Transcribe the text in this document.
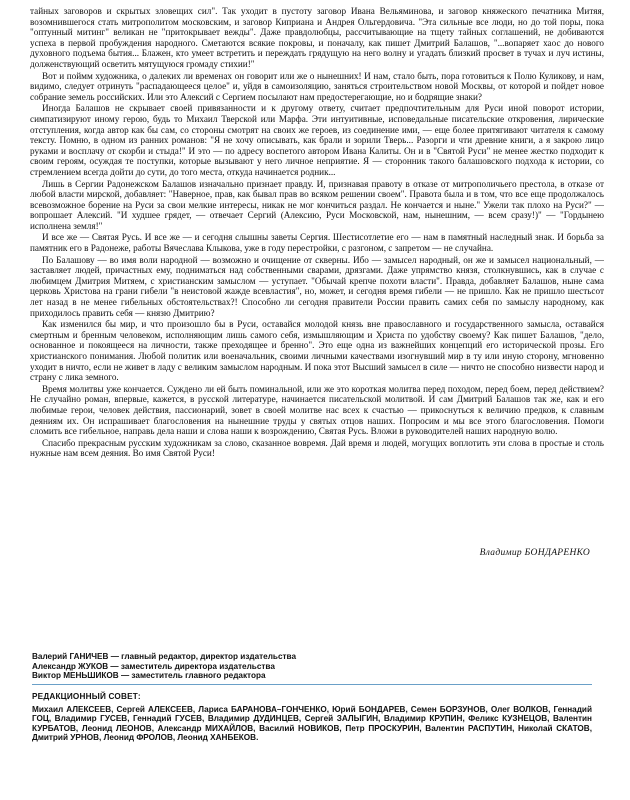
тайных заговоров и скрытых зловещих сил". Так уходит в пустоту заговор Ивана Вельяминова, и заговор княжеского печатника Митяя, возомнившегося стать митрополитом московским, и заговор Киприана и Андрея Ольгердовича. "Эта сильные все люди, но до той поры, пока "оптунный митинг" великан не "притокрывает вежды". Даже правдолюбцы, рассчитывающие на тщету тайных соглашений, не добиваются успеха в первой пробуждения народного. Сметаются всякие покровы, и поначалу, как пишет Дмитрий Балашов, "...вопаряет хаос до нового духовного подъема бытия... Блажен, кто умеет встретить и переждать грядущую на него волну и угадать близкий просвет в тучах и луч истины, долженствующий осветить мятущуюся громаду стихии!"

Вот и поймм художника, о далеких ли временах он говорит или же о нынешних! И нам, стало быть, пора готовиться к Полю Куликову, и нам, видимо, следует отринуть "распадающееся целое" и, уйдя в самоизоляцию, заняться строительством новой Москвы, от которой и пойдет новое собрание земель российских. Или это Алексий с Сергием посылают нам предостерегающие, но и бодрящие знаки?

Иногда Балашов не скрывает своей привязанности и к другому ответу, считает предпочтительным для Руси иной поворот истории, симпатизируют иному герою, будь то Михаил Тверской или Марфа. Эти интуитивные, исповедальные писательские откровения, лирические отступления, когда автор как бы сам, со стороны смотрят на своих же героев, из соединение ими, — еще более притягивают читателя к самому тексту. Помню, в одном из ранних романов: "Я не хочу описывать, как брали и зорили Тверь... Разорги и чти древние книги, а я закрою лицо руками и восплачу от скорби и стыда!" И это — по адресу воспетого автором Ивана Калиты. Он и в "Святой Руси" не менее жестко подходит к своим героям, осуждая те поступки, которые вызывают у него личное неприятие. Я — сторонник такого балашовского подхода к истории, со стремлением всегда дойти до сути, до того места, откуда начинается родник...

Лишь в Сергии Радонежском Балашов изначально признает правду. И, признавая правоту в отказе от митрополичьего престола, в отказе от любой власти мирской, добавляет: "Наверное, прав, как бывал прав во всяком решении своем". Правота была и в том, что все еще продолжалось всевозможное борение на Руси за свои мелкие интересы, никак не мог кончиться раздал. Не кончается и ныне." Ужели так плохо на Руси?" — вопрошает Алексий. "И худшее грядет, — отвечает Сергий (Алексию, Руси Московской, нам, нынешним, — всем сразу!)" — "Гордынею исполнена земля!"

И все же — Святая Русь. И все же — и сегодня слышны заветы Сергия. Шестисотлетие его — нам в памятный наследный знак. И борьба за памятник его в Радонеже, работы Вячеслава Клыкова, уже в году перестройки, с разгоном, с запретом — не случайна.

По Балашову — во имя воли народной — возможно и очищение от скверны. Ибо — замысел народный, он же и замысел национальный, — заставляет людей, причастных ему, подниматься над собственными сварами, дрязгами. Даже упрямство князя, столкнувшись, как в случае с любимцем Дмитрия Митяем, с христианским замыслом — уступает. "Обычай крепче похоти власти". Правда, добавляет Балашов, ныне сама церковь Христова на грани гибели "в неистовой жажде всевластия", но, может, и сегодня время гибели — не пришло. Как не пришло шестьсот лет назад в не менее гибельных обстоятельствах?! Способно ли сегодня правители России править самих себя по замыслу народному, как приходилось править себя — князю Дмитрию?

Как изменился бы мир, и что произошло бы в Руси, оставайся молодой князь вне православного и государственного замысла, оставайся смертным и бренным человеком, исполняющим лишь самого себя, измышляющим и Христа по удобству своему? Как пишет Балашов, "дело, основанное и покоящееся на личности, также преходящее и бренно". Это еще одна из важнейших концепций его исторической прозы. Его христианского понимания. Любой политик или военачальник, своими личными качествами изогнувший мир в ту или иную сторону, мгновенно уходит в ничто, если не живет в ладу с великим замыслом народным. И пока этот Высший замысел в силе — ничто не способно низвести народ и страну с лика земного.

Время молитвы уже кончается. Суждено ли ей быть поминальной, или же это короткая молитва перед походом, перед боем, перед действием? Не случайно роман, впервые, кажется, в русской литературе, начинается писательской молитвой. И сам Дмитрий Балашов так же, как и его любимые герои, человек действия, пассионарий, зовет в своей молитве нас всех к счастью — прикоснуться к величию предков, к славным деяниям их. Он испрашивает благословения на нынешние труды у святых отцов наших. Попросим и мы все этого благословения. Помоги сломить все гибельное, направь дела наши и слова наши к возрождению, Святая Русь. Вложи в руководителей наших народную волю.

Спасибо прекрасным русским художникам за слово, сказанное вовремя. Дай время и людей, могущих воплотить эти слова в простые и столь нужные нам всем деяния. Во имя Святой Руси!

Владимир БОНДАРЕНКО
Валерий ГАНИЧЕВ — главный редактор, директор издательства
Александр ЖУКОВ — заместитель директора издательства
Виктор МЕНЬШИКОВ — заместитель главного редактора
РЕДАКЦИОННЫЙ СОВЕТ:
Михаил АЛЕКСЕЕВ, Сергей АЛЕКСЕЕВ, Лариса БАРАНОВА–ГОНЧЕНКО, Юрий БОНДАРЕВ, Семен БОРЗУНОВ, Олег ВОЛКОВ, Геннадий ГОЦ, Владимир ГУСЕВ, Геннадий ГУСЕВ, Владимир ДУДИНЦЕВ, Сергей ЗАЛЫГИН, Владимир КРУПИН, Феликс КУЗНЕЦОВ, Валентин КУРБАТОВ, Леонид ЛЕОНОВ, Александр МИХАЙЛОВ, Василий НОВИКОВ, Петр ПРОСКУРИН, Валентин РАСПУТИН, Николай СКАТОВ, Дмитрий УРНОВ, Леонид ФРОЛОВ, Леонид ХАНБЕКОВ.
